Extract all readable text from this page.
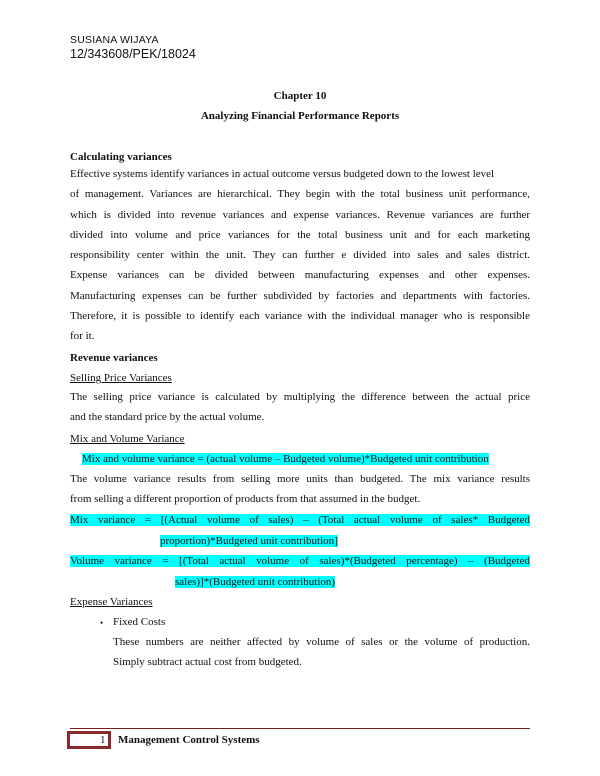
SUSIANA WIJAYA
12/343608/PEK/18024
Chapter 10
Analyzing Financial Performance Reports
Calculating variances
Effective systems identify variances in actual outcome versus budgeted down to the lowest level
of management. Variances are hierarchical. They begin with the total business unit performance,
which is divided into revenue variances and expense variances. Revenue variances are further
divided into volume and price variances for the total business unit and for each marketing
responsibility center within the unit. They can further e divided into sales and sales district.
Expense variances can be divided between manufacturing expenses and other expenses.
Manufacturing expenses can be further subdivided by factories and departments with factories.
Therefore, it is possible to identify each variance with the individual manager who is responsible
for it.
Revenue variances
Selling Price Variances
The selling price variance is calculated by multiplying the difference between the actual price
and the standard price by the actual volume.
Mix and Volume Variance
Mix and volume variance = (actual volume – Budgeted volume)*Budgeted unit contribution
The volume variance results from selling more units than budgeted. The mix variance results
from selling a different proportion of products from that assumed in the budget.
Mix variance = [(Actual volume of sales) – (Total actual volume of sales* Budgeted
proportion)*Budgeted unit contribution]
Volume variance = [(Total actual volume of sales)*(Budgeted percentage) – (Budgeted
sales)]*(Budgeted unit contribution)
Expense Variances
• Fixed Costs
These numbers are neither affected by volume of sales or the volume of production.
Simply subtract actual cost from budgeted.
1 Management Control Systems
